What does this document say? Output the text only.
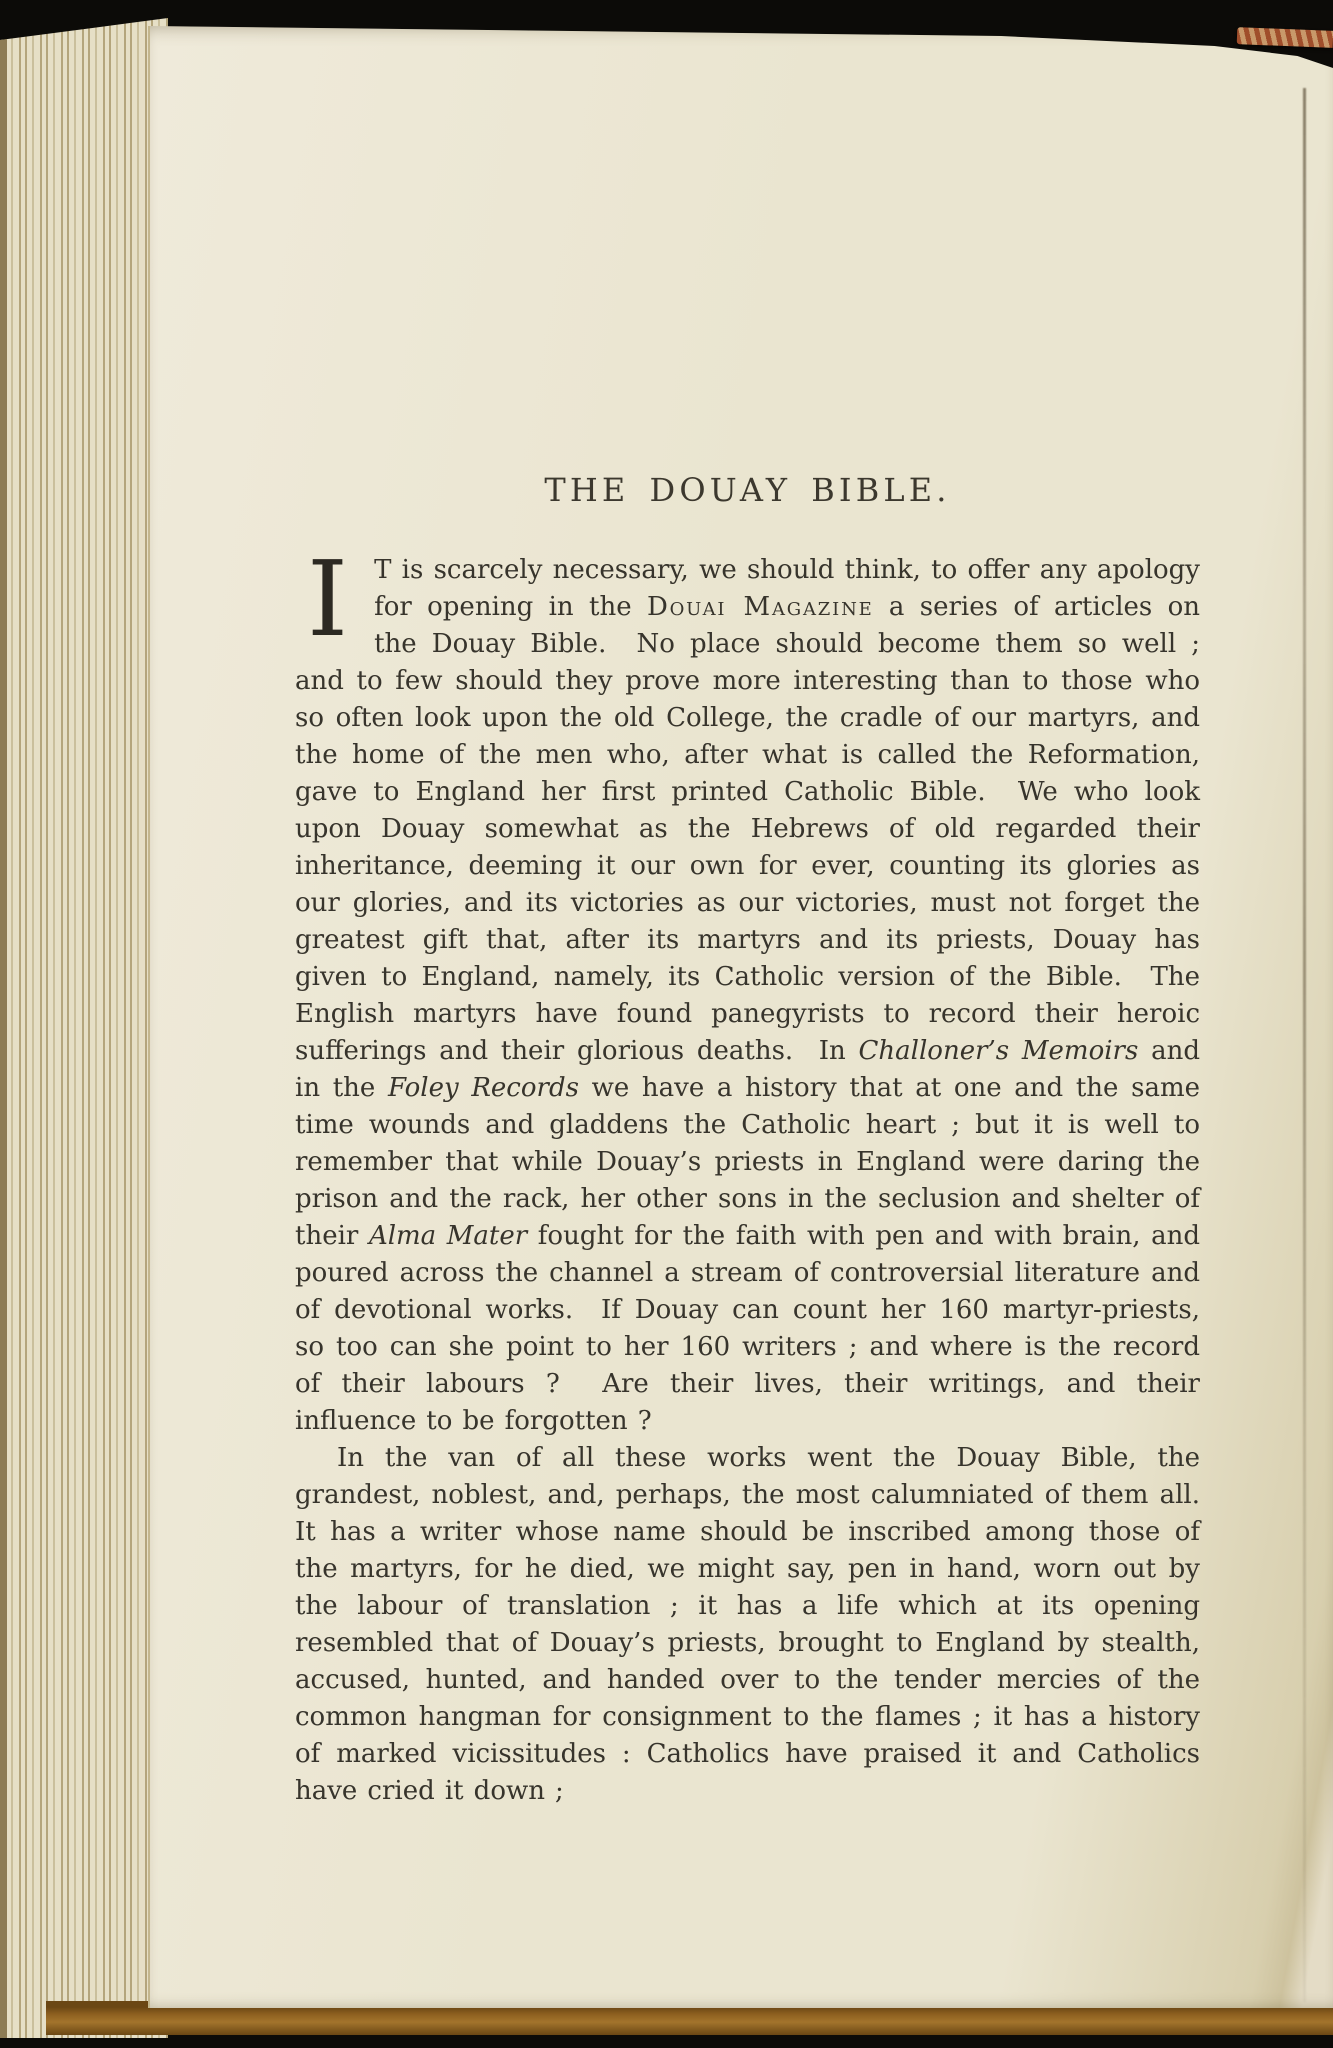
THE DOUAY BIBLE.

I	T is scarcely necessary, we should think, to offer any apology for opening in the Douai Magazine a series of articles on the Douay Bible.  No place should become them so well ; and to few should they prove more interesting than to those who so often look upon the old College, the cradle of our martyrs, and the home of the men who, after what is called the Reformation, gave to England her first printed Catholic Bible.  We who look upon Douay somewhat as the Hebrews of old regarded their inheritance, deeming it our own for ever, counting its glories as our glories, and its victories as our victories, must not forget the greatest gift that, after its martyrs and its priests, Douay has given to England, namely, its Catholic version of the Bible.  The English martyrs have found panegyrists to record their heroic sufferings and their glorious deaths.  In Challoner’s Memoirs and in the Foley Records we have a history that at one and the same time wounds and gladdens the Catholic heart ; but it is well to remember that while Douay’s priests in England were daring the prison and the rack, her other sons in the seclusion and shelter of their Alma Mater fought for the faith with pen and with brain, and poured across the channel a stream of controversial literature and of devotional works.  If Douay can count her 160 martyr-priests, so too can she point to her 160 writers ; and where is the record of their labours ?  Are their lives, their writings, and their influence to be forgotten ?

In the van of all these works went the Douay Bible, the grandest, noblest, and, perhaps, the most calumniated of them all.  It has a writer whose name should be inscribed among those of the martyrs, for he died, we might say, pen in hand, worn out by the labour of translation ; it has a life which at its opening resembled that of Douay’s priests, brought to England by stealth, accused, hunted, and handed over to the tender mercies of the common hangman for consignment to the flames ; it has a history of marked vicissitudes : Catholics have praised it and Catholics have cried it down ;
